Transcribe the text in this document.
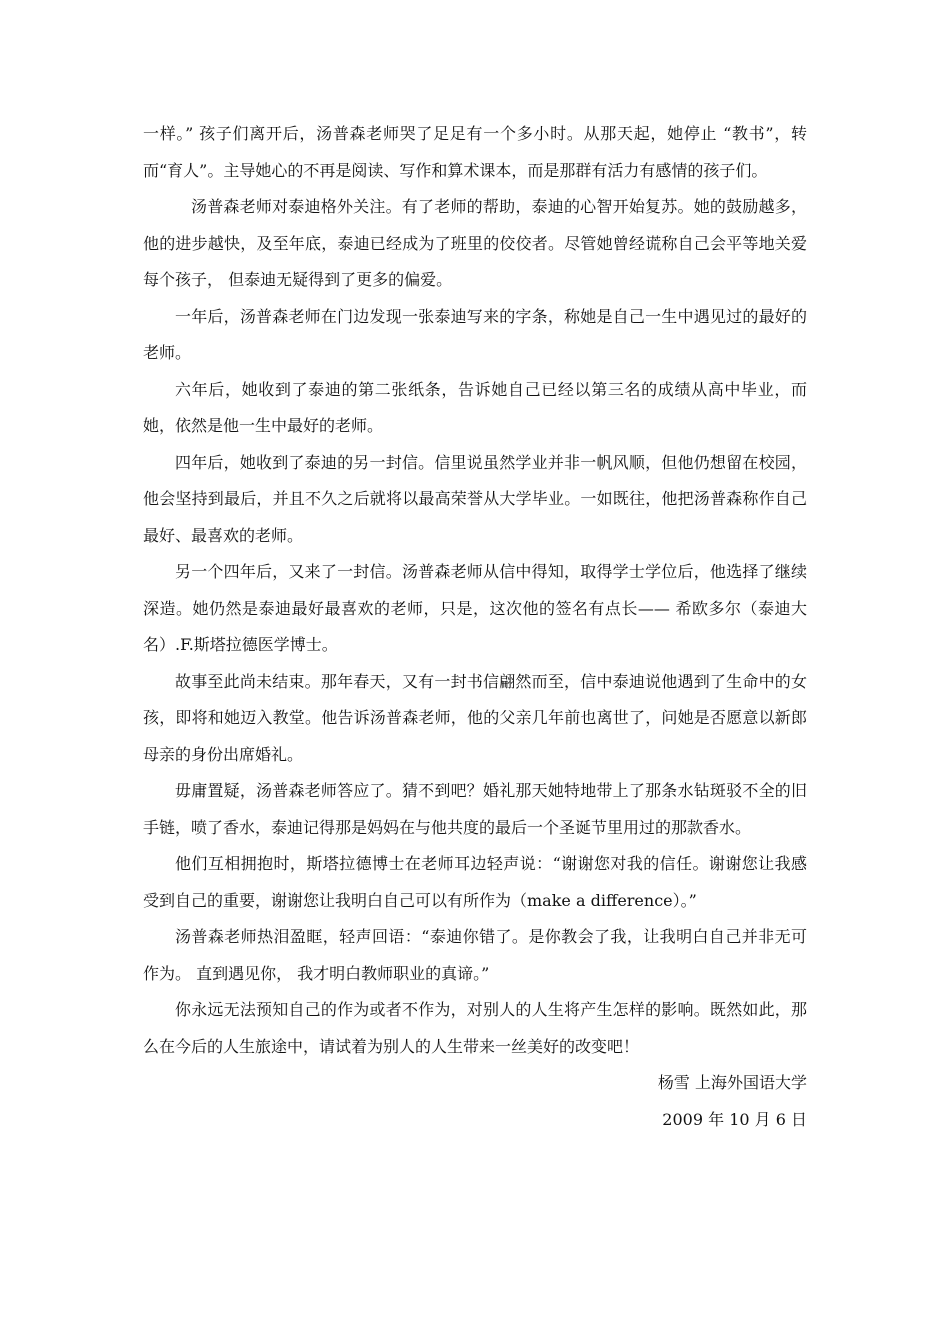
一样。” 孩子们离开后，汤普森老师哭了足足有一个多小时。从那天起，她停止 “教书”，转而“育人”。主导她心的不再是阅读、写作和算术课本，而是那群有活力有感情的孩子们。

汤普森老师对泰迪格外关注。有了老师的帮助，泰迪的心智开始复苏。她的鼓励越多，他的进步越快，及至年底，泰迪已经成为了班里的佼佼者。尽管她曾经谎称自己会平等地关爱每个孩子， 但泰迪无疑得到了更多的偏爱。

一年后，汤普森老师在门边发现一张泰迪写来的字条，称她是自己一生中遇见过的最好的老师。

六年后，她收到了泰迪的第二张纸条，告诉她自己已经以第三名的成绩从高中毕业，而她，依然是他一生中最好的老师。

四年后，她收到了泰迪的另一封信。信里说虽然学业并非一帆风顺，但他仍想留在校园，他会坚持到最后，并且不久之后就将以最高荣誉从大学毕业。一如既往，他把汤普森称作自己最好、最喜欢的老师。

另一个四年后，又来了一封信。汤普森老师从信中得知，取得学士学位后，他选择了继续深造。她仍然是泰迪最好最喜欢的老师，只是，这次他的签名有点长—— 希欧多尔（泰迪大名）.F.斯塔拉德医学博士。

故事至此尚未结束。那年春天，又有一封书信翩然而至，信中泰迪说他遇到了生命中的女孩，即将和她迈入教堂。他告诉汤普森老师，他的父亲几年前也离世了，问她是否愿意以新郎母亲的身份出席婚礼。

毋庸置疑，汤普森老师答应了。猜不到吧？婚礼那天她特地带上了那条水钻斑驳不全的旧手链，喷了香水，泰迪记得那是妈妈在与他共度的最后一个圣诞节里用过的那款香水。

他们互相拥抱时，斯塔拉德博士在老师耳边轻声说：“谢谢您对我的信任。谢谢您让我感受到自己的重要，谢谢您让我明白自己可以有所作为（make a difference）。”

汤普森老师热泪盈眶，轻声回语：“泰迪你错了。是你教会了我，让我明白自己并非无可作为。 直到遇见你， 我才明白教师职业的真谛。”

你永远无法预知自己的作为或者不作为，对别人的人生将产生怎样的影响。既然如此，那么在今后的人生旅途中，请试着为别人的人生带来一丝美好的改变吧！

杨雪 上海外国语大学

2009 年 10 月 6 日
